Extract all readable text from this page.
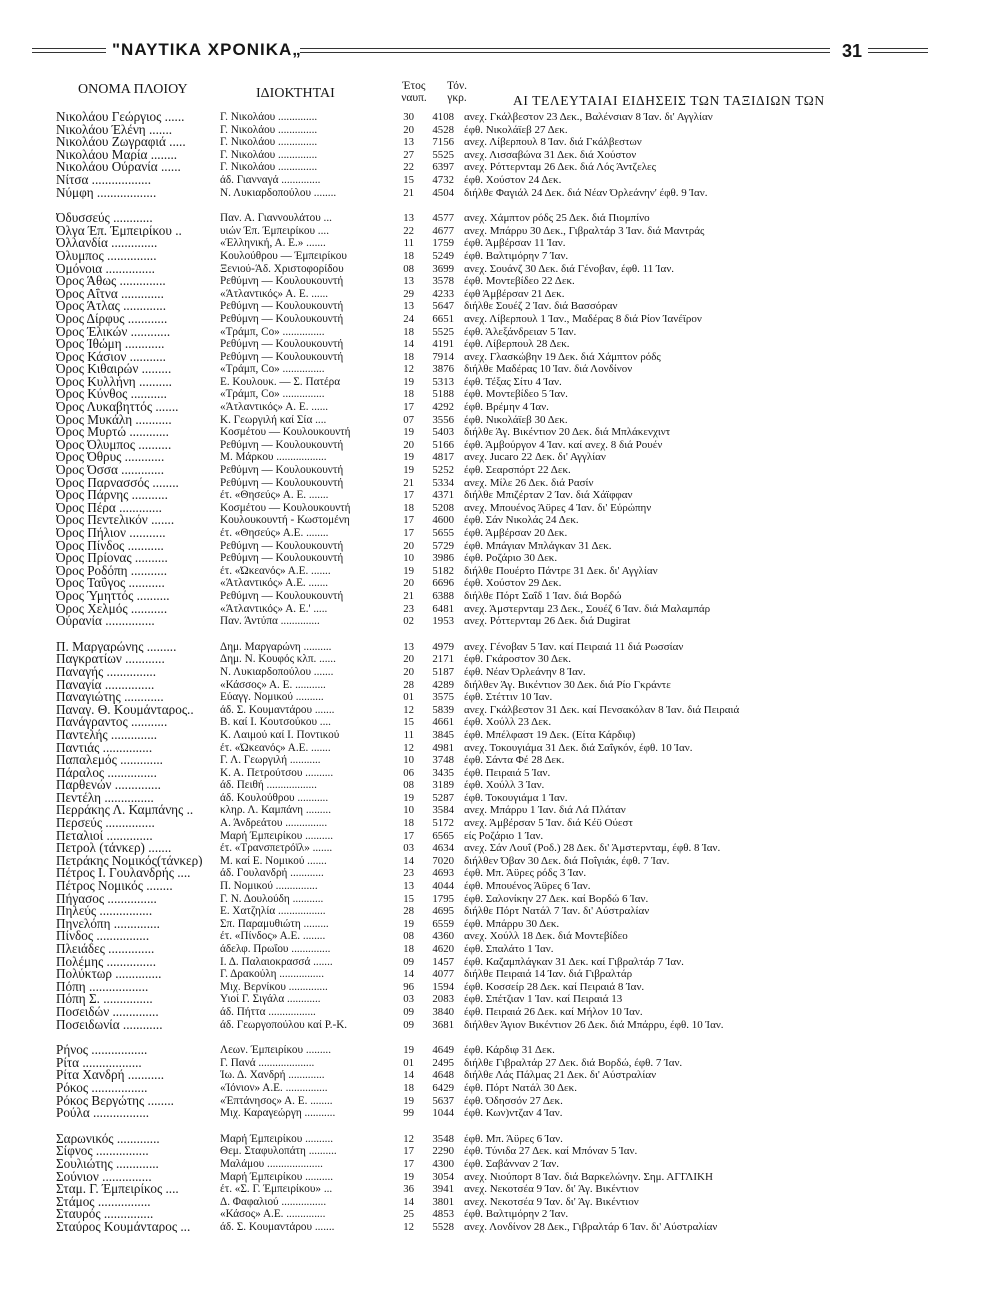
"ΝΑΥΤΙΚΑ ΧΡΟΝΙΚΑ„	31
ΟΝΟΜΑ ΠΛΟΙΟΥ	ΙΔΙΟΚΤΗΤΑΙ	Έτος ναυπ.
Τόν. γκρ.	ΑΙ ΤΕΛΕΥΤΑΙΑΙ ΕΙΔΗΣΕΙΣ ΤΩΝ ΤΑΞΙΔΙΩΝ ΤΩΝ
Νικολάου Γεώργιος ......	Γ. Νικολάου ..............	30	4108 ανεχ. Γκάλβεστον 23 Δεκ., Βαλένσιαν 8 Ίαν. δι' Αγγλίαν
Νικολάου Έλένη .......	Γ. Νικολάου ..............	20	4528 έφθ. Νικολάϊεβ 27 Δεκ.
Νικολάου Ζωγραφιά .....	Γ. Νικολάου ..............	13	7156 ανεχ. Λίβερπουλ 8 Ίαν. διά Γκάλβεστων
Νικολάου Μαρία ........	Γ. Νικολάου ..............	27	5525 ανεχ. Λισσαβώνα 31 Δεκ. διά Χούστον
Νικολάου Ούρανία ......	Γ. Νικολάου ..............	22	6397 ανεχ. Ρόττερνταμ 26 Δεκ. διά Λός Άντζελες
Νίτσα ..................	άδ. Γιανναγά ..............	15	4732 έφθ. Χούστον 24 Δεκ.
Νύμφη ..................	Ν. Λυκιαρδοπούλου ........	21	4504 διήλθε Φαγιάλ 24 Δεκ. διά Νέαν Όρλεάνην' έφθ. 9 Ίαν.
Όδυσσεύς ............	Παν. Α. Γιαννουλάτου ...	13	4577 ανεχ. Χάμπτον ρόδς 25 Δεκ. διά Πιομπίνο
Όλγα Έπ. Έμπειρίκου ..	υιών Έπ. Έμπειρίκου ....	22	4677 ανεχ. Μπάρρυ 30 Δεκ., Γιβραλτάρ 3 Ίαν. διά Μαντράς
Όλλανδία ..............	«Έλληνική, Α. Ε.» .......	11	1759 έφθ. Άμβέρσαν 11 Ίαν.
Όλυμπος ...............	Κουλούθρου — Έμπειρίκου	18	5249 έφθ. Βαλτιμόρην 7 Ίαν.
Όμόνοια ...............	Ξενιού-Άδ. Χριστοφορίδου	08	3699 ανεχ. Σουάνζ 30 Δεκ. διά Γένοβαν, έφθ. 11 Ίαν.
Όρος Άθως ..............	Ρεθύμνη — Κουλουκουντή	13	3578 έφθ. Μοντεβίδεο 22 Δεκ.
Όρος Αΐτνα .............	«Άτλαντικός» Α. Ε. ......	29	4233 έφθ Άμβέρσαν 21 Δεκ.
Όρος Άτλας .............	Ρεθύμνη — Κουλουκουντή	13	5647 διήλθε Σουέζ 2 Ίαν. διά Βασσόραν
Όρος Δίρφυς ............	Ρεθύμνη — Κουλουκουντή	24	6651 ανεχ. Λίβερπουλ 1 Ίαν., Μαδέρας 8 διά Ρίον Ίανέϊρον
Όρος Έλικών ............	«Τράμπ, Co» ...............	18	5525 έφθ. Άλεξάνδρειαν 5 Ίαν.
Όρος Ίθώμη ............	Ρεθύμνη — Κουλουκουντή	14	4191 έφθ. Λίβερπουλ 28 Δεκ.
Όρος Κάσιον ...........	Ρεθύμνη — Κουλουκουντή	18	7914 ανεχ. Γλασκώβην 19 Δεκ. διά Χάμπτον ρόδς
Όρος Κιθαιρών .........	«Τράμπ, Co» ...............	12	3876 διήλθε Μαδέρας 10 Ίαν. διά Λονδίνον
Όρος Κυλλήνη ..........	Ε. Κουλουκ. — Σ. Πατέρα	19	5313 έφθ. Τέξας Σίτυ 4 Ίαν.
Όρος Κύνθος ...........	«Τράμπ, Co» ...............	18	5188 έφθ. Μοντεβίδεο 5 Ίαν.
Όρος Λυκαβηττός .......	«Άτλαντικός» Α. Ε. ......	17	4292 έφθ. Βρέμην 4 Ίαν.
Όρος Μυκάλη ...........	Κ. Γεωργιλή καί Σία ....	07	3556 έφθ. Νικολάϊεβ 30 Δεκ.
Όρος Μυρτώ ............	Κοσμέτου — Κουλουκουντή	19	5403 διήλθε Άγ. Βικέντιον 20 Δεκ. διά Μπλάκενχιντ
Όρος Όλυμπος ..........	Ρεθύμνη — Κουλουκουντή	20	5166 έφθ. Άμβούργον 4 Ίαν. καί ανεχ. 8 διά Ρουέν
Όρος Όθρυς ............	Μ. Μάρκου ..................	19	4817 ανεχ. Jucaro 22 Δεκ. δι' Αγγλίαν
Όρος Όσσα .............	Ρεθύμνη — Κουλουκουντή	19	5252 έφθ. Σεαρσπόρτ 22 Δεκ.
Όρος Παρνασσός ........	Ρεθύμνη — Κουλουκουντή	21	5334 ανεχ. Μίλε 26 Δεκ. διά Ρασίν
Όρος Πάρνης ...........	έτ. «Θησεύς» Α. Ε. .......	17	4371 διήλθε Μπιζέρταν 2 Ίαν. διά Χάϊφφαν
Όρος Πέρα .............	Κοσμέτου — Κουλουκουντή	18	5208 ανεχ. Μπουένος Άϋρες 4 Ίαν. δι' Εύρώπην
Όρος Πεντελικόν .......	Κουλουκουντή - Κωστομένη	17	4600 έφθ. Σάν Νικολάς 24 Δεκ.
Όρος Πήλιον ...........	έτ. «Θησεύς» Α.Ε. ........	17	5655 έφθ. Άμβέρσαν 20 Δεκ.
Όρος Πίνδος ...........	Ρεθύμνη — Κουλουκουντή	20	5729 έφθ. Μπάγιαν Μπλάγκαν 31 Δεκ.
Όρος Πρίονας ..........	Ρεθύμνη — Κουλουκουντή	10	3986 έφθ. Ροζάριο 30 Δεκ.
Όρος Ροδόπη ...........	έτ. «Ώκεανός» Α.Ε. .......	19	5182 διήλθε Πουέρτο Πάντρε 31 Δεκ. δι' Αγγλίαν
Όρος Ταΰγος ...........	«Άτλαντικός» Α.Ε. .......	20	6696 έφθ. Χούστον 29 Δεκ.
Όρος Ύμηττός ..........	Ρεθύμνη — Κουλουκουντή	21	6388 διήλθε Πόρτ Σαΐδ 1 Ίαν. διά Βορδώ
Όρος Χελμός ...........	«Άτλαντικός» Α. Ε.' .....	23	6481 ανεχ. Άμστερνταμ 23 Δεκ., Σουέζ 6 Ίαν. διά Μαλαμπάρ
Ούρανία ...............	Παν. Άντύπα ..............	02	1953 ανεχ. Ρόττερνταμ 26 Δεκ. διά Dugirat
Π. Μαργαρώνης .........	Δημ. Μαργαρώνη ..........	13	4979 ανεχ. Γένοβαν 5 Ίαν. καί Πειραιά 11 διά Ρωσσίαν
Παγκρατίων ............	Δημ. Ν. Κουφός κλπ. ......	20	2171 έφθ. Γκάροστον 30 Δεκ.
Παναγής ...............	Ν. Λυκιαρδοπούλου .......	20	5187 έφθ. Νέαν Όρλεάνην 8 Ίαν.
Παναγία ...............	«Κάσσος» Α. Ε. ...........	28	4289 διήλθεν Άγ. Βικέντιον 30 Δεκ. διά Ρίο Γκράντε
Παναγιώτης ............	Εύαγγ. Νομικού ..........	01	3575 έφθ. Στέττιν 10 Ίαν.
Παναγ. Θ. Κουμάνταρος..	άδ. Σ. Κουμαντάρου .......	12	5839 ανεχ. Γκάλβεστον 31 Δεκ. καί Πενσακόλαν 8 Ίαν. διά Πειραιά
Πανάγραντος ...........	Β. καί Ι. Κουτσούκου ....	15	4661 έφθ. Χούλλ 23 Δεκ.
Παντελής ..............	Κ. Λαιμού καί Ι. Ποντικού	11	3845 έφθ. Μπέλφαστ 19 Δεκ. (Είτα Κάρδιφ)
Παντιάς ...............	έτ. «Ώκεανός» Α.Ε. .......	12	4981 ανεχ. Τοκουγιάμα 31 Δεκ. διά Σαΐγκόν, έφθ. 10 Ίαν.
Παπαλεμός .............	Γ. Λ. Γεωργιλή ...........	10	3748 έφθ. Σάντα Φέ 28 Δεκ.
Πάραλος ...............	Κ. Α. Πετρούτσου ..........	06	3435 έφθ. Πειραιά 5 Ίαν.
Παρθενών ..............	άδ. Πειθή ..................	08	3189 έφθ. Χούλλ 3 Ίαν.
Πεντέλη ...............	άδ. Κουλούθρου ...........	19	5287 έφθ. Τοκουγιάμα 1 Ίαν.
Περράκης Λ. Καμπάνης ..	κληρ. Λ. Καμπάνη .........	10	3584 ανεχ. Μπάρρυ 1 Ίαν. διά Λά Πλάταν
Περσεύς ...............	Α. Άνδρεάτου ...............	18	5172 ανεχ. Άμβέρσαν 5 Ίαν. διά Κέϋ Ούεστ
Πεταλιοί ..............	Μαρή Έμπειρίκου ..........	17	6565 είς Ροζάριο 1 Ίαν.
Πετρολ (τάνκερ) .......	έτ. «Τρανσπετρόϊλ» .......	03	4634 ανεχ. Σάν Λουΐ (Ροδ.) 28 Δεκ. δι' Άμστερνταμ, έφθ. 8 Ίαν.
Πετράκης Νομικός(τάνκερ)	Μ. καί Ε. Νομικού .......	14	7020 διήλθεν Όβαν 30 Δεκ. διά Ποΐγιάκ, έφθ. 7 Ίαν.
Πέτρος Ι. Γουλανδρής ....	άδ. Γουλανδρή ............	23	4693 έφθ. Μπ. Άϋρες ρόδς 3 Ίαν.
Πέτρος Νομικός ........	Π. Νομικού ...............	13	4044 έφθ. Μπουένος Άϋρες 6 Ίαν.
Πήγασος ...............	Γ. Ν. Δουλούδη ...........	15	1795 έφθ. Σαλονίκην 27 Δεκ. καί Βορδώ 6 Ίαν.
Πηλεύς ................	Ε. Χατζηλία .................	28	4695 διήλθε Πόρτ Νατάλ 7 Ίαν. δι' Αύστραλίαν
Πηνελόπη ..............	Σπ. Παραμυθιώτη .........	19	6559 έφθ. Μπάρρυ 30 Δεκ.
Πίνδος ................	έτ. «Πίνδος» Α.Ε. ........	08	4360 ανεχ. Χούλλ 18 Δεκ. διά Μοντεβίδεο
Πλειάδες ..............	άδελφ. Πρωΐου ..............	18	4620 έφθ. Σπαλάτο 1 Ίαν.
Πολέμης ...............	Ι. Δ. Παλαιοκρασσά .......	09	1457 έφθ. Καζαμπλάγκαν 31 Δεκ. καί Γιβραλτάρ 7 Ίαν.
Πολύκτωρ ..............	Γ. Δρακούλη ................	14	4077 διήλθε Πειραιά 14 Ίαν. διά Γιβραλτάρ
Πόπη ..................	Μιχ. Βερνίκου ..............	96	1594 έφθ. Κοσσείρ 28 Δεκ. καί Πειραιά 8 Ίαν.
Πόπη Σ. ...............	Υιοί Γ. Σιγάλα ............	03	2083 έφθ. Σπέτζιαν 1 Ίαν. καί Πειραιά 13
Ποσειδών ..............	άδ. Πήττα .................	09	3840 έφθ. Πειραιά 26 Δεκ. καί Μήλον 10 Ίαν.
Ποσειδωνία ............	άδ. Γεωργοπούλου καί Ρ.-Κ.	09	3681 διήλθεν Άγιον Βικέντιον 26 Δεκ. διά Μπάρρυ, έφθ. 10 Ίαν.
Ρήνος .................	Λεων. Έμπειρίκου .........	19	4649 έφθ. Κάρδιφ 31 Δεκ.
Ρίτα ..................	Γ. Πανά ....................	01	2495 διήλθε Γιβραλτάρ 27 Δεκ. διά Βορδώ, έφθ. 7 Ίαν.
Ρίτα Χανδρή ...........	Ίω. Δ. Χανδρή .............	14	4648 διήλθε Λάς Πάλμας 21 Δεκ. δι' Αύστραλίαν
Ρόκος .................	«Ίόνιον» Α.Ε. ...............	18	6429 έφθ. Πόρτ Νατάλ 30 Δεκ.
Ρόκος Βεργώτης ........	«Έπτάνησος» Α. Ε. ........	19	5637 έφθ. Όδησσόν 27 Δεκ.
Ρούλα .................	Μιχ. Καραγεώργη ...........	99	1044 έφθ. Κων)ντζαν 4 Ίαν.
Σαρωνικός .............	Μαρή Έμπειρίκου ..........	12	3548 έφθ. Μπ. Άϋρες 6 Ίαν.
Σίφνος ................	Θεμ. Σταφυλοπάτη ..........	17	2290 έφθ. Τύνιδα 27 Δεκ. καί Μπόναν 5 Ίαν.
Σουλιώτης .............	Μαλάμου ....................	17	4300 έφθ. Σαβάνναν 2 Ίαν.
Σούνιον ...............	Μαρή Έμπειρίκου ..........	19	3054 ανεχ. Νιούπορτ 8 Ίαν. διά Βαρκελώνην. Σημ. ΑΓΓΛΙΚΗ
Σταμ. Γ. Έμπειρίκος ....	έτ. «Σ. Γ. Έμπειρίκου» ...	36	3941 ανεχ. Νεκοτσέα 9 Ίαν. δι' Άγ. Βικέντιον
Στάμος ................	Δ. Φαφαλιού ................	14	3801 ανεχ. Νεκοτσέα 9 Ίαν. δι' Άγ. Βικέντιον
Σταυρός ...............	«Κάσος» Α.Ε. ..............	25	4853 έφθ. Βαλτιμόρην 2 Ίαν.
Σταύρος Κουμάνταρος ...	άδ. Σ. Κουμαντάρου .......	12	5528 ανεχ. Λονδίνον 28 Δεκ., Γιβραλτάρ 6 Ίαν. δι' Αύστραλίαν
